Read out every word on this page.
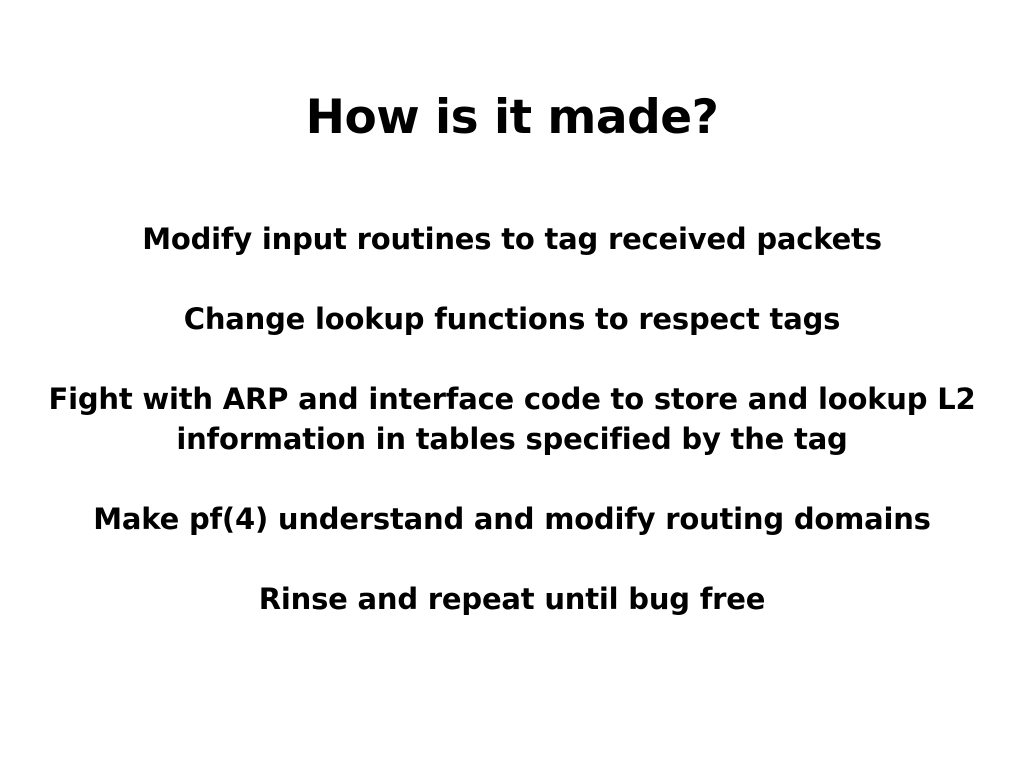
How is it made?

Modify input routines to tag received packets

Change lookup functions to respect tags

Fight with ARP and interface code to store and lookup L2 information in tables specified by the tag

Make pf(4) understand and modify routing domains

Rinse and repeat until bug free
